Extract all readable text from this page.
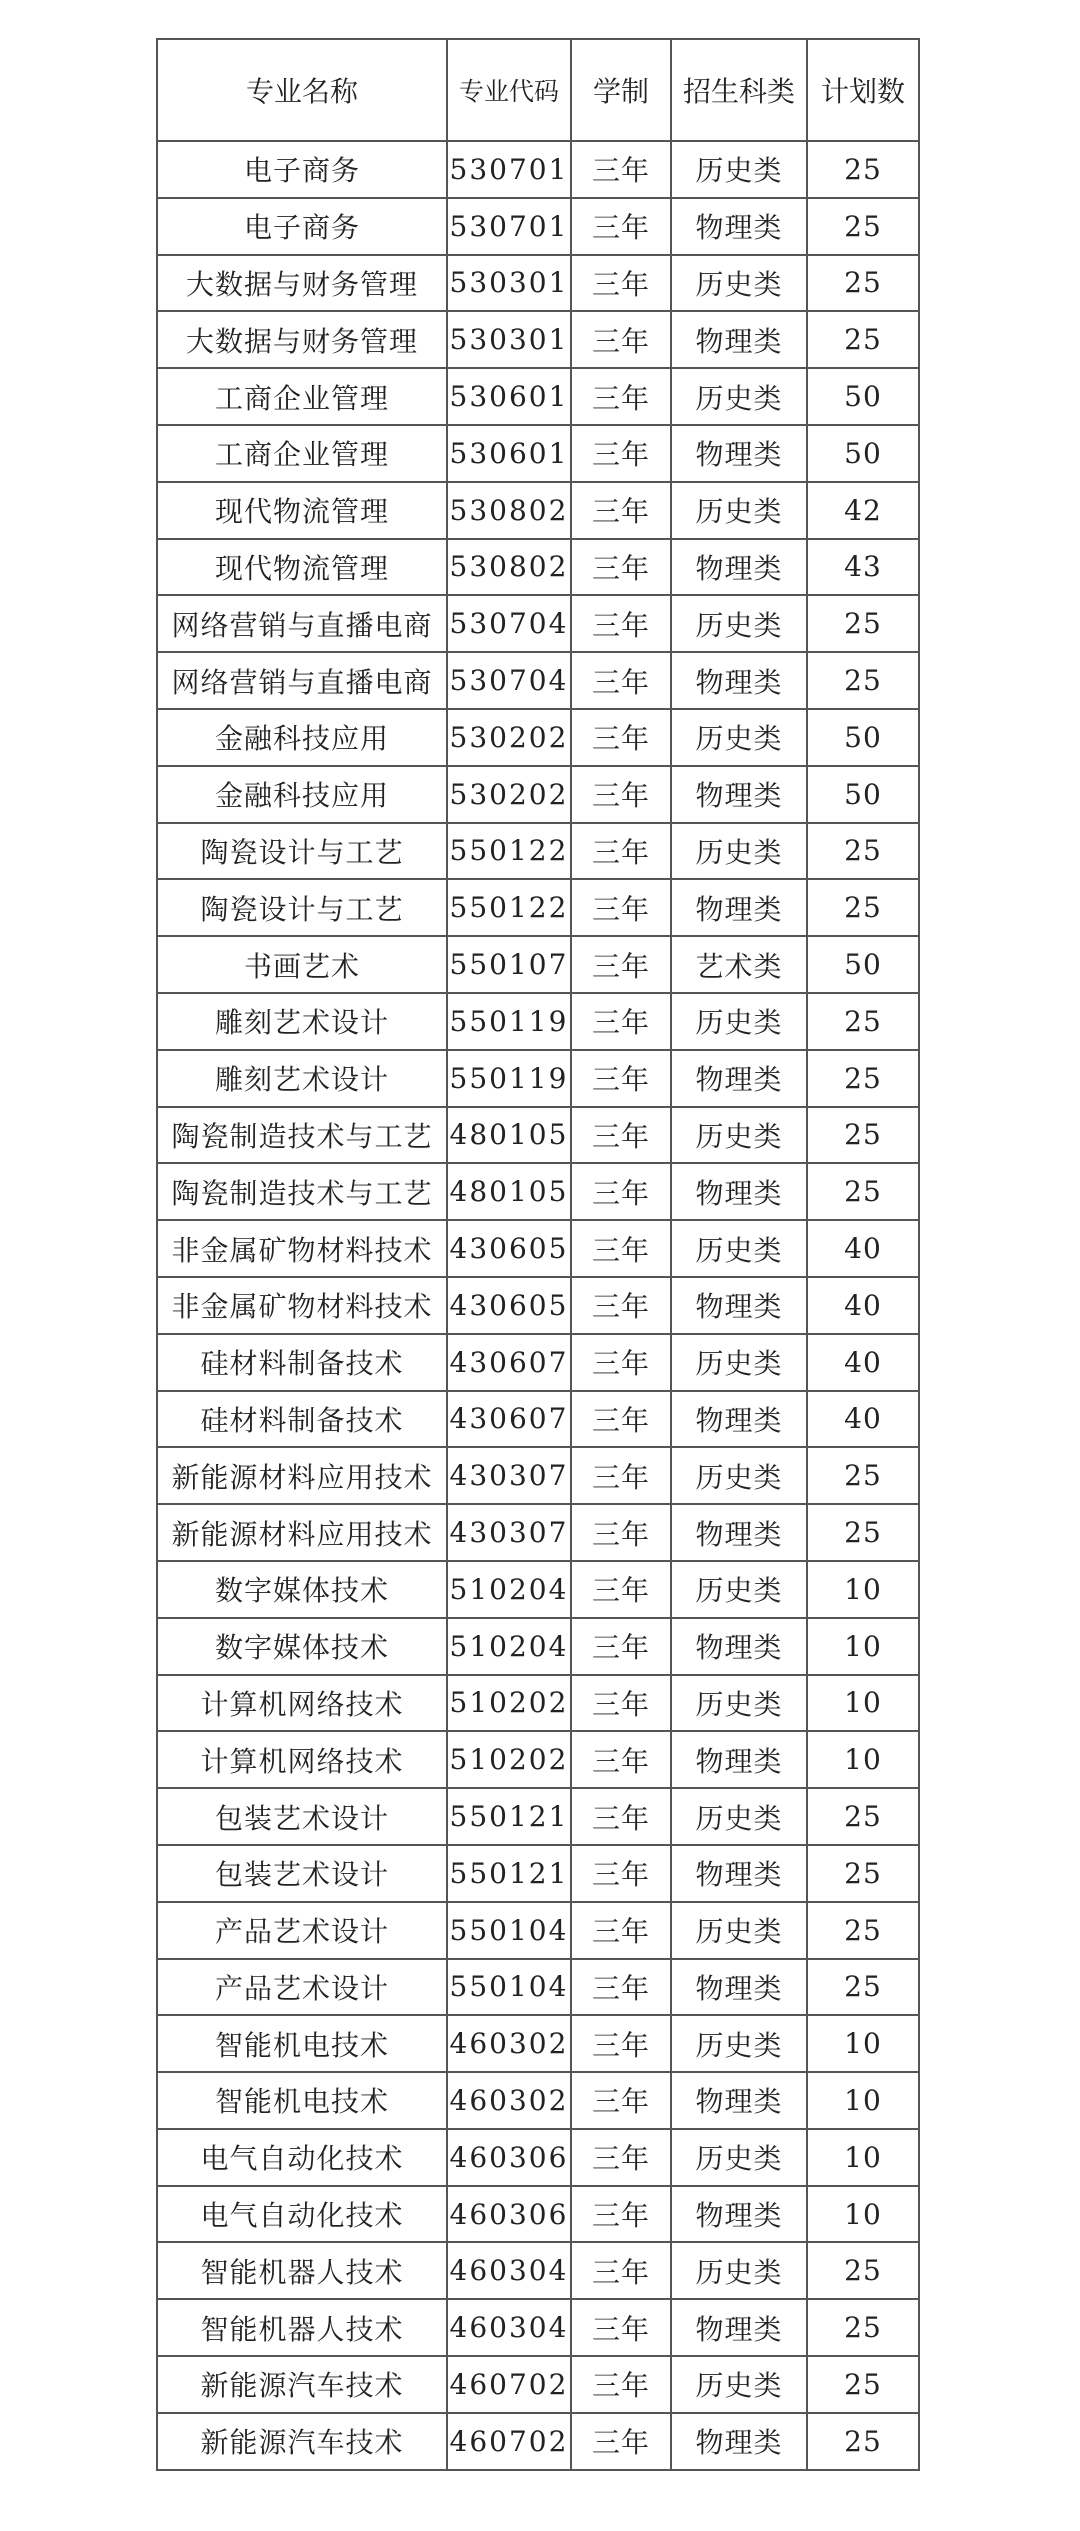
专业名称	专业代码	学制	招生科类	计划数
电子商务	530701	三年	历史类	25
电子商务	530701	三年	物理类	25
大数据与财务管理	530301	三年	历史类	25
大数据与财务管理	530301	三年	物理类	25
工商企业管理	530601	三年	历史类	50
工商企业管理	530601	三年	物理类	50
现代物流管理	530802	三年	历史类	42
现代物流管理	530802	三年	物理类	43
网络营销与直播电商	530704	三年	历史类	25
网络营销与直播电商	530704	三年	物理类	25
金融科技应用	530202	三年	历史类	50
金融科技应用	530202	三年	物理类	50
陶瓷设计与工艺	550122	三年	历史类	25
陶瓷设计与工艺	550122	三年	物理类	25
书画艺术	550107	三年	艺术类	50
雕刻艺术设计	550119	三年	历史类	25
雕刻艺术设计	550119	三年	物理类	25
陶瓷制造技术与工艺	480105	三年	历史类	25
陶瓷制造技术与工艺	480105	三年	物理类	25
非金属矿物材料技术	430605	三年	历史类	40
非金属矿物材料技术	430605	三年	物理类	40
硅材料制备技术	430607	三年	历史类	40
硅材料制备技术	430607	三年	物理类	40
新能源材料应用技术	430307	三年	历史类	25
新能源材料应用技术	430307	三年	物理类	25
数字媒体技术	510204	三年	历史类	10
数字媒体技术	510204	三年	物理类	10
计算机网络技术	510202	三年	历史类	10
计算机网络技术	510202	三年	物理类	10
包装艺术设计	550121	三年	历史类	25
包装艺术设计	550121	三年	物理类	25
产品艺术设计	550104	三年	历史类	25
产品艺术设计	550104	三年	物理类	25
智能机电技术	460302	三年	历史类	10
智能机电技术	460302	三年	物理类	10
电气自动化技术	460306	三年	历史类	10
电气自动化技术	460306	三年	物理类	10
智能机器人技术	460304	三年	历史类	25
智能机器人技术	460304	三年	物理类	25
新能源汽车技术	460702	三年	历史类	25
新能源汽车技术	460702	三年	物理类	25
